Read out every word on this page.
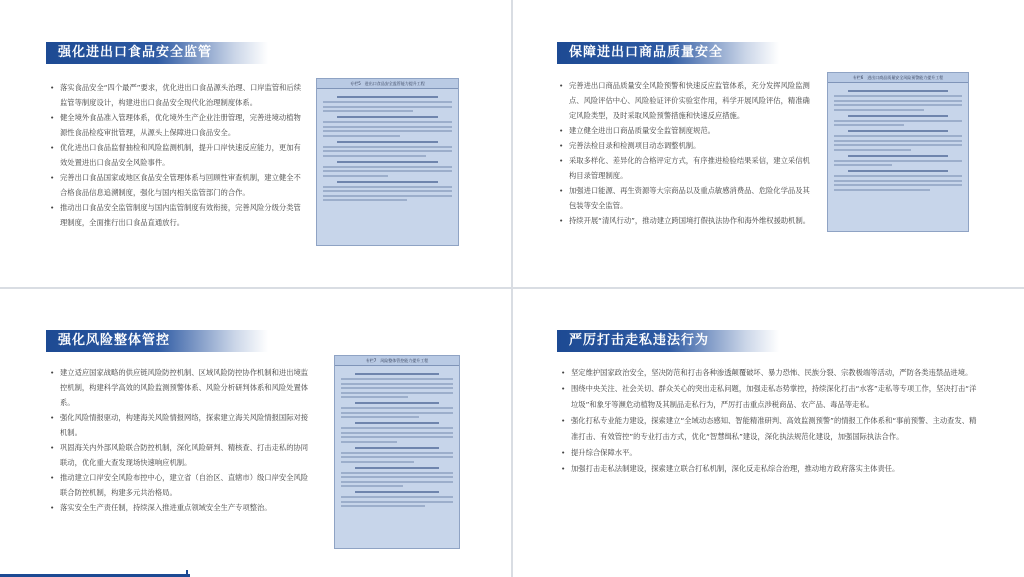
强化进出口食品安全监管
• 落实食品安全“四个最严”要求，优化进出口食品源头治理、口岸监管和后续监管等制度设计，构建进出口食品安全现代化治理制度体系。
• 健全境外食品准入管理体系，优化境外生产企业注册管理，完善进境动植物源性食品检疫审批管理，从源头上保障进口食品安全。
• 优化进出口食品监督抽检和风险监测机制，提升口岸快速反应能力，更加有效处置进出口食品安全风险事件。
• 完善出口食品国家或地区食品安全管理体系与回顾性审查机制，建立健全不合格食品信息追溯制度，强化与国内相关监管部门的合作。
• 推动出口食品安全监管制度与国内监管制度有效衔接，完善风险分级分类管理制度，全面推行出口食品直通放行。
专栏5　进出口食品安全监管能力提升工程
保障进出口商品质量安全
• 完善进出口商品质量安全风险预警和快速反应监管体系，充分发挥风险监测点、风险评估中心、风险验证评价实验室作用，科学开展风险评估，精准确定风险类型，及时采取风险预警措施和快速反应措施。
• 建立健全进出口商品质量安全监管制度规范。
• 完善法检目录和检测项目动态调整机制。
• 采取多样化、差异化的合格评定方式，有序推进检验结果采信，建立采信机构目录管理制度。
• 加强进口能源、再生资源等大宗商品以及重点敏感消费品、危险化学品及其包装等安全监管。
• 持续开展“清风行动”，推动建立跨国境打假执法协作和海外维权援助机制。
专栏6　进出口商品质量安全风险预警能力提升工程
强化风险整体管控
• 建立适应国家战略的供应链风险防控机制、区域风险防控协作机制和进出境监控机制，构建科学高效的风险监测预警体系、风险分析研判体系和风险处置体系。
• 强化风险情报驱动，构建海关风险情报网络，探索建立海关风险情报国际对接机制。
• 巩固海关内外部风险联合防控机制，深化风险研判、精核查、打击走私的协同联动，优化重大查发现场快速响应机制。
• 推动建立口岸安全风险布控中心，建立省（自治区、直辖市）级口岸安全风险联合防控机制，构建多元共治格局。
• 落实安全生产责任制，持续深入推进重点领域安全生产专项整治。
专栏7　风险整体管控能力提升工程
严厉打击走私违法行为
• 坚定维护国家政治安全，坚决防范和打击各种渗透颠覆破坏、暴力恐怖、民族分裂、宗教极端等活动，严防各类违禁品进境。
• 围绕中央关注、社会关切、群众关心的突出走私问题，加强走私态势掌控，持续深化打击“水客”走私等专项工作，坚决打击“洋垃圾”和象牙等濒危动植物及其制品走私行为，严厉打击重点涉税商品、农产品、毒品等走私。
• 强化打私专业能力建设，探索建立“全域动态感知、智能精准研判、高效监测预警”的情报工作体系和“事前预警、主动查发、精准打击、有效管控”的专业打击方式，优化“智慧缉私”建设，深化执法规范化建设，加强国际执法合作。
• 提升综合保障水平。
• 加强打击走私法制建设，探索建立联合打私机制，深化反走私综合治理，推动地方政府落实主体责任。
